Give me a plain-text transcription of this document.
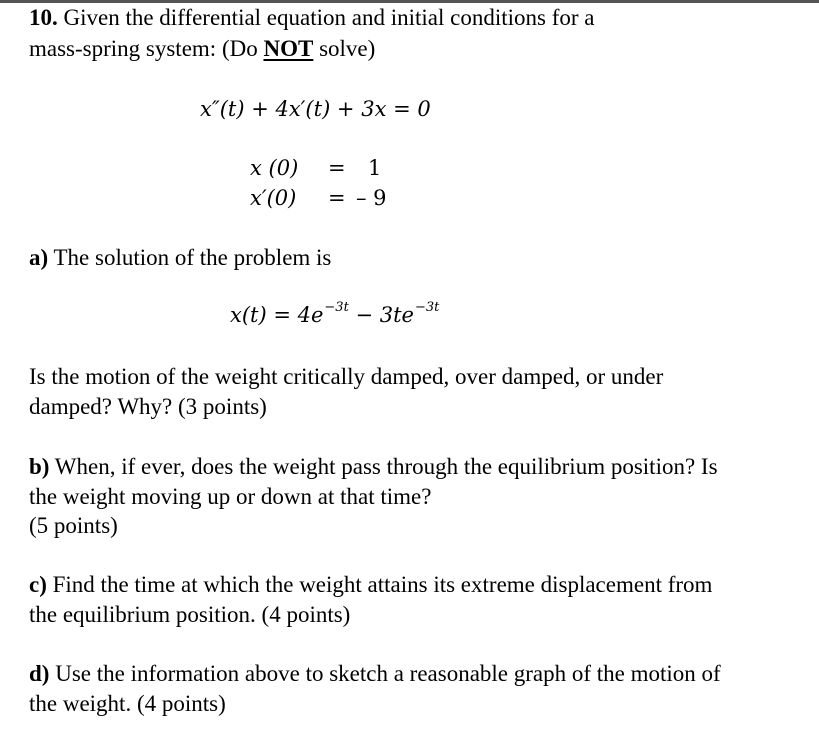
10. Given the differential equation and initial conditions for a
mass-spring system: (Do NOT solve)
x″(t) + 4x′(t) + 3x = 0
x (0) = 1
x′(0) = – 9
a) The solution of the problem is
$x(t) = 4e^{-3t} - 3te^{-3t}$
Is the motion of the weight critically damped, over damped, or under
damped? Why? (3 points)
b) When, if ever, does the weight pass through the equilibrium position? Is
the weight moving up or down at that time?
(5 points)
c) Find the time at which the weight attains its extreme displacement from
the equilibrium position. (4 points)
d) Use the information above to sketch a reasonable graph of the motion of
the weight. (4 points)
